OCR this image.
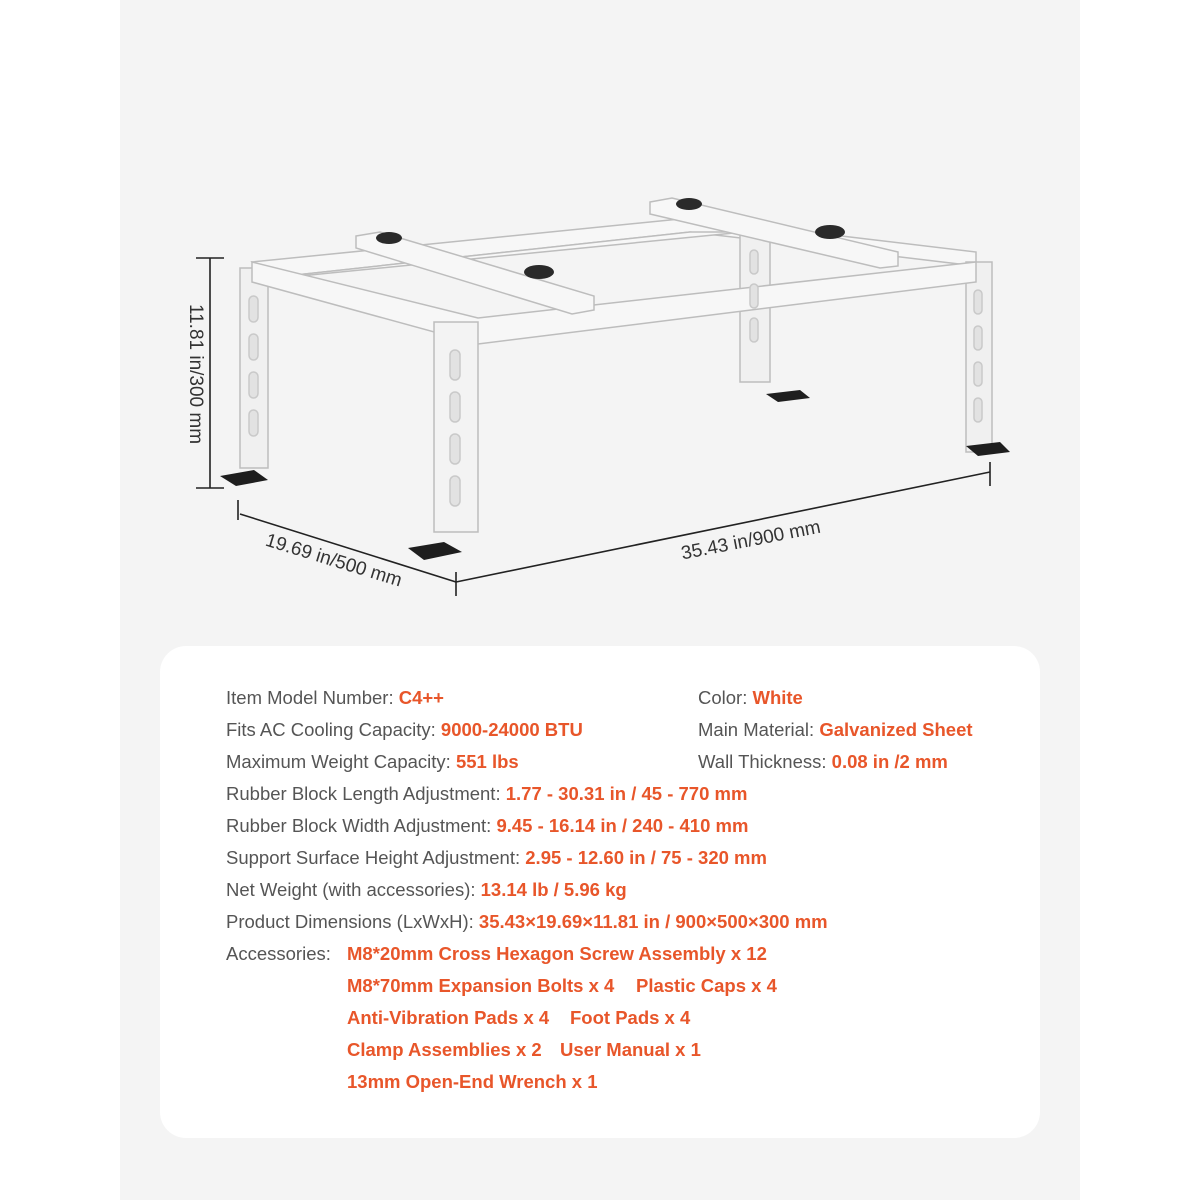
11.81 in/300 mm
19.69 in/500 mm	35.43 in/900 mm
Item Model Number: C4++	Color: White
Fits AC Cooling Capacity: 9000-24000 BTU	Main Material: Galvanized Sheet
Maximum Weight Capacity: 551 lbs	Wall Thickness: 0.08 in /2 mm
Rubber Block Length Adjustment: 1.77 - 30.31 in / 45 - 770 mm
Rubber Block Width Adjustment: 9.45 - 16.14 in / 240 - 410 mm
Support Surface Height Adjustment: 2.95 - 12.60 in / 75 - 320 mm
Net Weight (with accessories): 13.14 lb / 5.96 kg
Product Dimensions (LxWxH): 35.43×19.69×11.81 in / 900×500×300 mm
Accessories: M8*20mm Cross Hexagon Screw Assembly x 12
M8*70mm Expansion Bolts x 4 Plastic Caps x 4
Anti-Vibration Pads x 4 Foot Pads x 4
Clamp Assemblies x 2 User Manual x 1
13mm Open-End Wrench x 1
